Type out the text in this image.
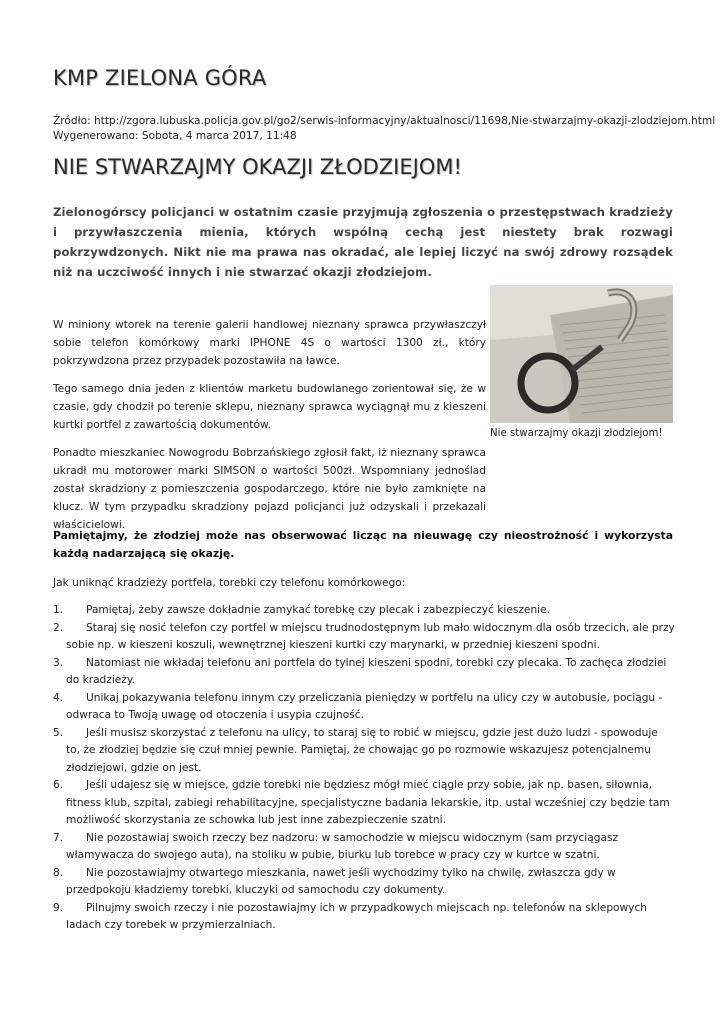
KMP ZIELONA GÓRA
Źródło: http://zgora.lubuska.policja.gov.pl/go2/serwis-informacyjny/aktualnosci/11698,Nie-stwarzajmy-okazji-zlodziejom.html
Wygenerowano: Sobota, 4 marca 2017, 11:48
NIE STWARZAJMY OKAZJI ZŁODZIEJOM!

Zielonogórscy policjanci w ostatnim czasie przyjmują zgłoszenia o przestępstwach kradzieży i przywłaszczenia mienia, których wspólną cechą jest niestety brak rozwagi pokrzywdzonych. Nikt nie ma prawa nas okradać, ale lepiej liczyć na swój zdrowy rozsądek niż na uczciwość innych i nie stwarzać okazji złodziejom.

Nie stwarzajmy okazji złodziejom!

W miniony wtorek na terenie galerii handlowej nieznany sprawca przywłaszczył sobie telefon komórkowy marki IPHONE 4S o wartości 1300 zł., który pokrzywdzona przez przypadek pozostawiła na ławce.

Tego samego dnia jeden z klientów marketu budowlanego zorientował się, że w czasie, gdy chodził po terenie sklepu, nieznany sprawca wyciągnął mu z kieszeni kurtki portfel z zawartością dokumentów.

Ponadto mieszkaniec Nowogrodu Bobrzańskiego zgłosił fakt, iż nieznany sprawca ukradł mu motorower marki SIMSON o wartości 500zł. Wspomniany jednoślad został skradziony z pomieszczenia gospodarczego, które nie było zamknięte na klucz. W tym przypadku skradziony pojazd policjanci już odzyskali i przekazali właścicielowi.

Pamiętajmy, że złodziej może nas obserwować licząc na nieuwagę czy nieostrożność i wykorzysta każdą nadarzającą się okazję.

Jak uniknąć kradzieży portfela, torebki czy telefonu komórkowego:

1. Pamiętaj, żeby zawsze dokładnie zamykać torebkę czy plecak i zabezpieczyć kieszenie.
2. Staraj się nosić telefon czy portfel w miejscu trudnodostępnym lub mało widocznym dla osób trzecich, ale przy sobie np. w kieszeni koszuli, wewnętrznej kieszeni kurtki czy marynarki, w przedniej kieszeni spodni.
3. Natomiast nie wkładaj telefonu ani portfela do tylnej kieszeni spodni, torebki czy plecaka. To zachęca złodziei do kradzieży.
4. Unikaj pokazywania telefonu innym czy przeliczania pieniędzy w portfelu na ulicy czy w autobusie, pociągu - odwraca to Twoją uwagę od otoczenia i usypia czujność.
5. Jeśli musisz skorzystać z telefonu na ulicy, to staraj się to robić w miejscu, gdzie jest dużo ludzi - spowoduje to, że złodziej będzie się czuł mniej pewnie. Pamiętaj, że chowając go po rozmowie wskazujesz potencjalnemu złodziejowi, gdzie on jest.
6. Jeśli udajesz się w miejsce, gdzie torebki nie będziesz mógł mieć ciągle przy sobie, jak np. basen, siłownia, fitness klub, szpital, zabiegi rehabilitacyjne, specjalistyczne badania lekarskie, itp. ustal wcześniej czy będzie tam możliwość skorzystania ze schowka lub jest inne zabezpieczenie szatni.
7. Nie pozostawiaj swoich rzeczy bez nadzoru: w samochodzie w miejscu widocznym (sam przyciągasz włamywacza do swojego auta), na stoliku w pubie, biurku lub torebce w pracy czy w kurtce w szatni.
8. Nie pozostawiajmy otwartego mieszkania, nawet jeśli wychodzimy tylko na chwilę, zwłaszcza gdy w przedpokoju kładziemy torebki, kluczyki od samochodu czy dokumenty.
9. Pilnujmy swoich rzeczy i nie pozostawiajmy ich w przypadkowych miejscach np. telefonów na sklepowych ladach czy torebek w przymierzalniach.
